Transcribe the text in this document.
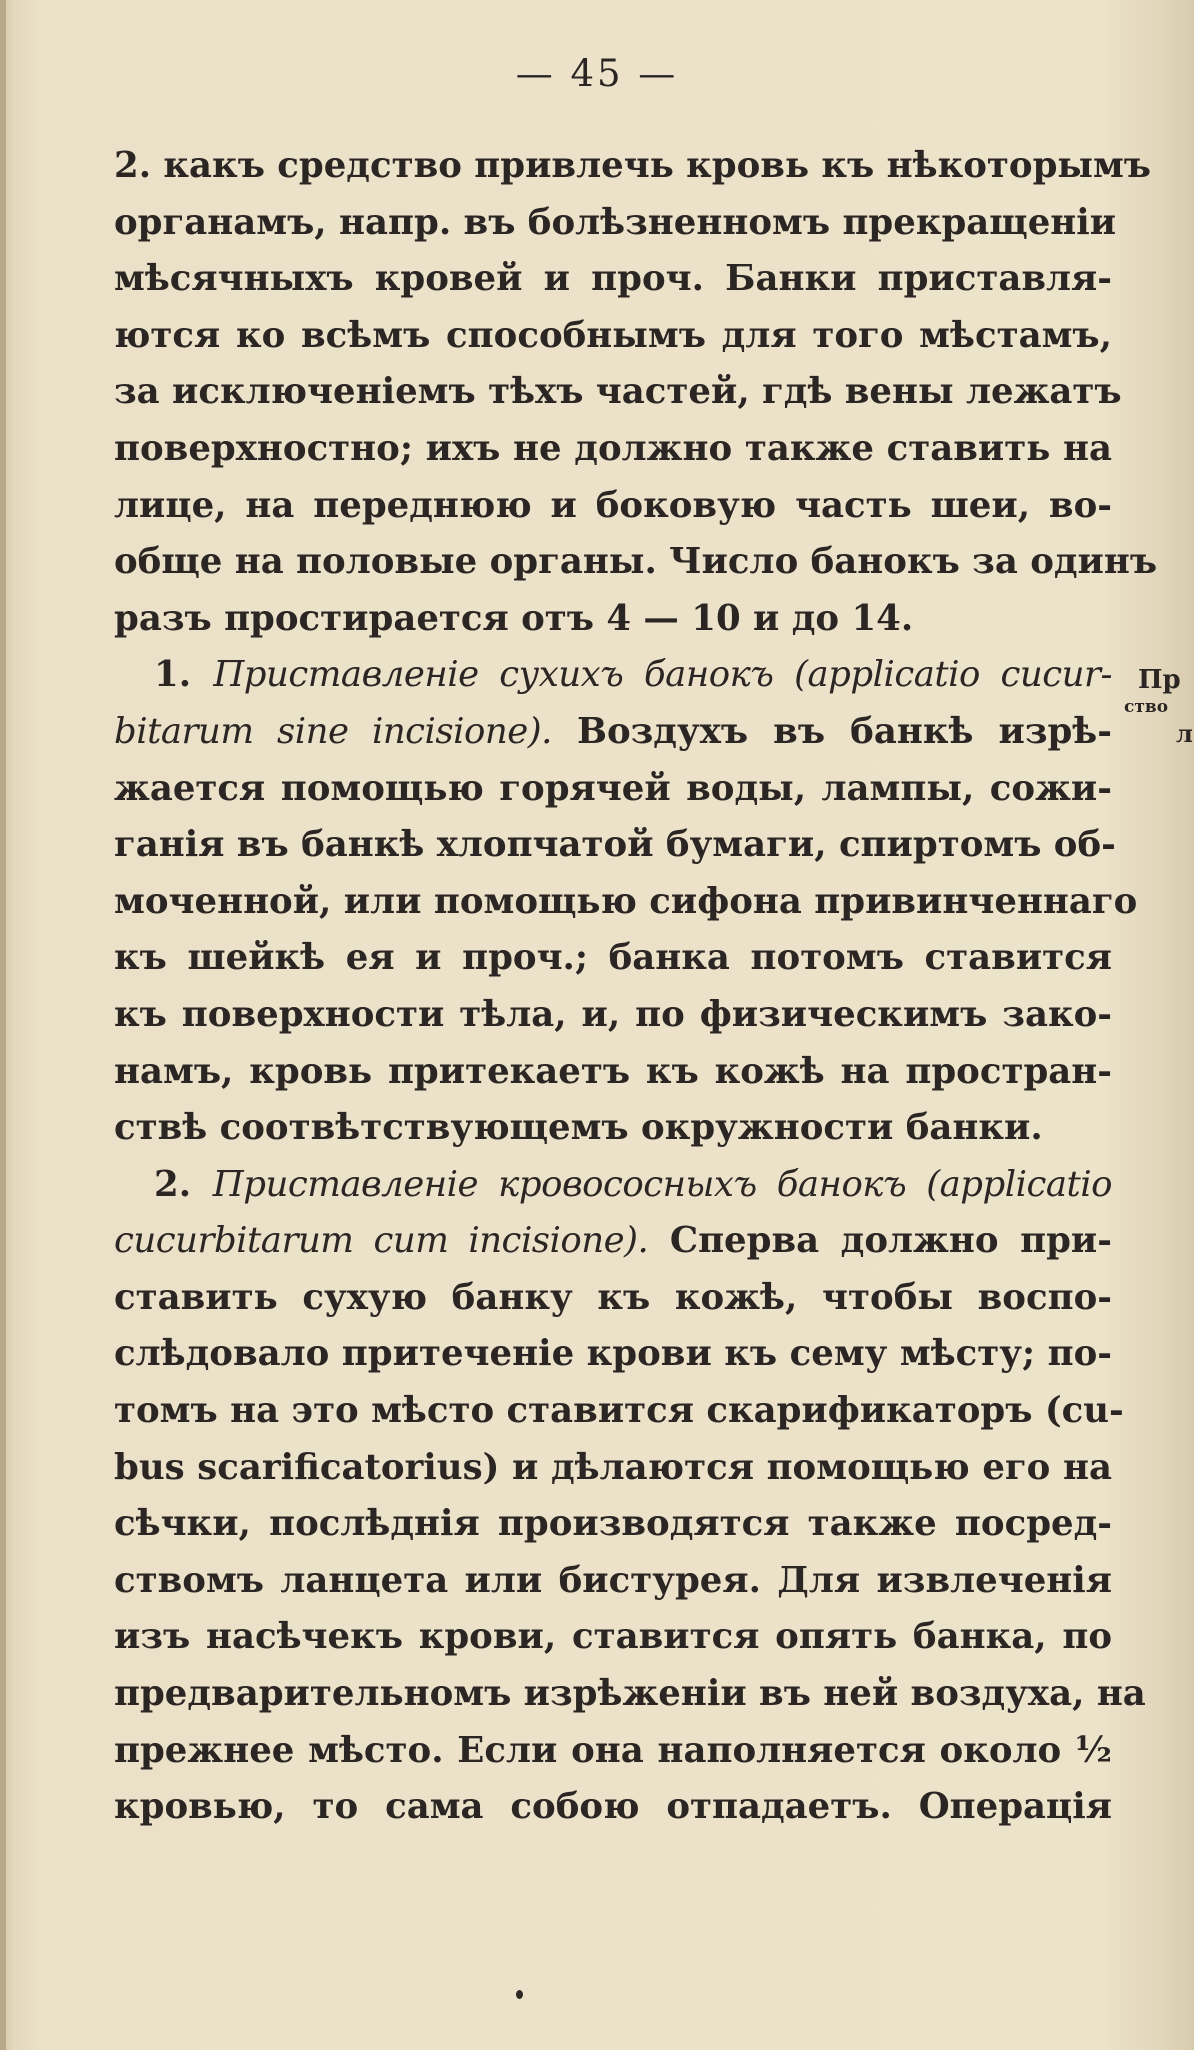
— 45 —
2. какъ средство привлечь кровь къ нѣкоторымъ
органамъ, напр. въ болѣзненномъ прекращенiи
мѣсячныхъ кровей и проч. Банки приставля-
ются ко всѣмъ способнымъ для того мѣстамъ,
за исключенiемъ тѣхъ частей, гдѣ вены лежатъ
поверхностно; ихъ не должно также ставить на
лице, на переднюю и боковую часть шеи, во-
обще на половые органы. Число банокъ за одинъ
разъ простирается отъ 4 — 10 и до 14.
1. Приставленiе сухихъ банокъ (applicatio cucur-
bitarum sine incisione). Воздухъ въ банкѣ изрѣ-
жается помощью горячей воды, лампы, сожи-
ганiя въ банкѣ хлопчатой бумаги, спиртомъ об-
моченной, или помощью сифона привинченнаго
къ шейкѣ ея и проч.; банка потомъ ставится
къ поверхности тѣла, и, по физическимъ зако-
намъ, кровь притекаетъ къ кожѣ на простран-
ствѣ соотвѣтствующемъ окружности банки.
2. Приставленiе кровососныхъ банокъ (applicatio
cucurbitarum cum incisione). Сперва должно при-
ставить сухую банку къ кожѣ, чтобы воспо-
слѣдовало притеченiе крови къ сему мѣсту; по-
томъ на это мѣсто ставится скарификаторъ (cu-
bus scarificatorius) и дѣлаются помощью его на
сѣчки, послѣднiя производятся также посред-
ствомъ ланцета или бистурея. Для извлеченiя
изъ насѣчекъ крови, ставится опять банка, по
предварительномъ изрѣженiи въ ней воздуха, на
прежнее мѣсто. Если она наполняется около ½
кровью, то сама собою отпадаетъ. Операцiя
Пр
ство
л
